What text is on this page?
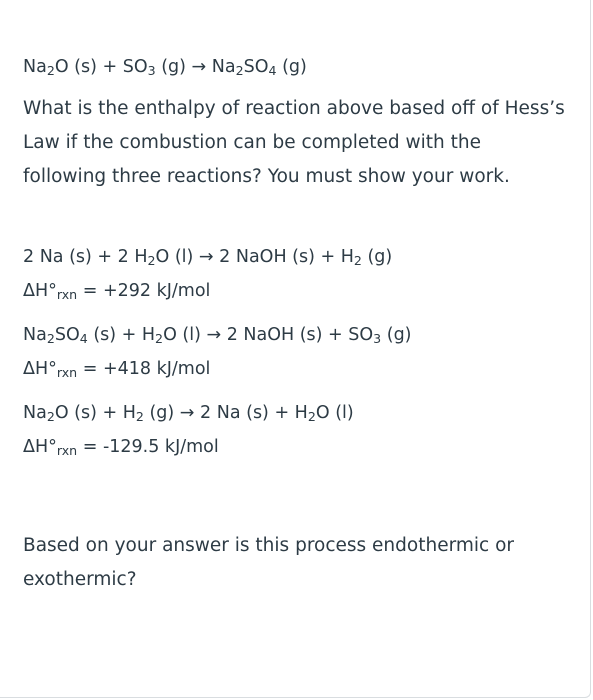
$Na_2O$ $(s) + SO_3$ $(g) \to Na_2SO_4$ (g)

What is the enthalpy of reaction above based off of Hess’s Law if the combustion can be completed with the following three reactions? You must show your work.

2 Na (s) + 2 $H_2O$ (l) → 2 NaOH $(s) + H_2$ (g)

$\Delta H^\circ_{rxn} = +292$ kJ/mol

$Na_2SO_4$ $(s) + H_2O$ (l) → 2 NaOH $(s) + SO_3$ (g)

$\Delta H^\circ_{rxn} = +418$ kJ/mol

$Na_2O$ $(s) + H_2$ (g) → 2 Na $(s) + H_2O$ (l)

$\Delta H^\circ_{rxn} = -129.5$ kJ/mol

Based on your answer is this process endothermic or exothermic?
